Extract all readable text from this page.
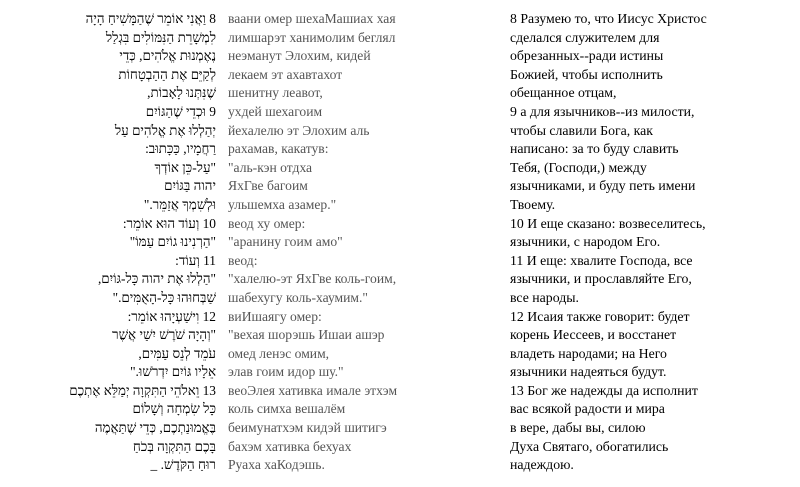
8 וַאֲנִי אוֹמֵר שֶׁהַמָּשִׁיחַ הָיָה
לִמְשָׁרֵת הַנִּמּוֹלִים בִּגְלַל
נֶאֶמְנוּת אֱלֹהִים, כְּדֵי
לְקַיֵּם אֶת הַהַבְטָחוֹת
שֶׁנִּתְּנוּ לָאָבוֹת,
9 וּכְדֵי שֶׁהַגּוֹיִם
יְהַלְלוּ אֶת אֱלֹהִים עַל
רַחֲמָיו, כַּכָּתוּב:
"עַל-כֵּן אוֹדְךָ
יהוה בַּגּוֹיִם
וּלְשִׁמְךָ אֲזַמֵּר."
10 וְעוֹד הוּא אוֹמֵר:
"הַרְנִינוּ גוֹיִם עַמּוֹ"
11 וְעוֹד:
"הַלְלוּ אֶת יהוה כָּל-גּוֹיִם,
שַׁבְּחוּהוּ כָּל-הָאֻמִּים."
12 וִישַׁעְיָהוּ אוֹמֵר:
"וְהָיָה שֹׁרֶשׁ יִשַׁי אֲשֶׁר
עֹמֵד לְנֵס עַמִּים,
אֵלָיו גּוֹיִם יִדְרֹשׁוּ."
13 וֵאלֹהֵי הַתִּקְוָה יְמַלֵּא אֶתְכֶם
כָּל שִׂמְחָה וְשָׁלוֹם
בֶּאֱמוּנַתְכֶם, כְּדֵי שֶׁתַּאֲמֶה
בָּכֶם הַתִּקְוָה בְּכֹחַ
רוּחַ הַקֹּדֶשׁ. _
ваани омер шехаМашиах хая
лимшарэт ханимолим беглял
неэманут Элохим, кидей
лекаем эт ахавтахот
шенитну леавот,
ухдей шехагоим
йехалелю эт Элохим аль
рахамав, какатув:
"аль-кэн отдха
ЯхГве багоим
ульшемха азамер."
веод ху омер:
"аранину гоим амо"
веод:
"халелю-эт ЯхГве коль-гоим,
шабехугу коль-хаумим."
виИшаягу омер:
"вехая шорэшь Ишаи ашэр
омед ленэс омим,
элав гоим идор шу."
веоЭлея хативка имале этхэм
коль симха вешалём
беимунатхэм кидэй шитигэ
бахэм хативка бехуах
Руаха хаКодэшь.
8 Разумею то, что Иисус Христос
сделался служителем для
обрезанных--ради истины
Божией, чтобы исполнить
обещанное отцам,
9 а для язычников--из милости,
чтобы славили Бога, как
написано: за то буду славить
Тебя, (Господи,) между
язычниками, и буду петь имени
Твоему.
10 И еще сказано: возвеселитесь,
язычники, с народом Его.
11 И еще: хвалите Господа, все
язычники, и прославляйте Его,
все народы.
12 Исаия также говорит: будет
корень Иессеев, и восстанет
владеть народами; на Него
язычники надеяться будут.
13 Бог же надежды да исполнит
вас всякой радости и мира
в вере, дабы вы, силою
Духа Святаго, обогатились
надеждою.
